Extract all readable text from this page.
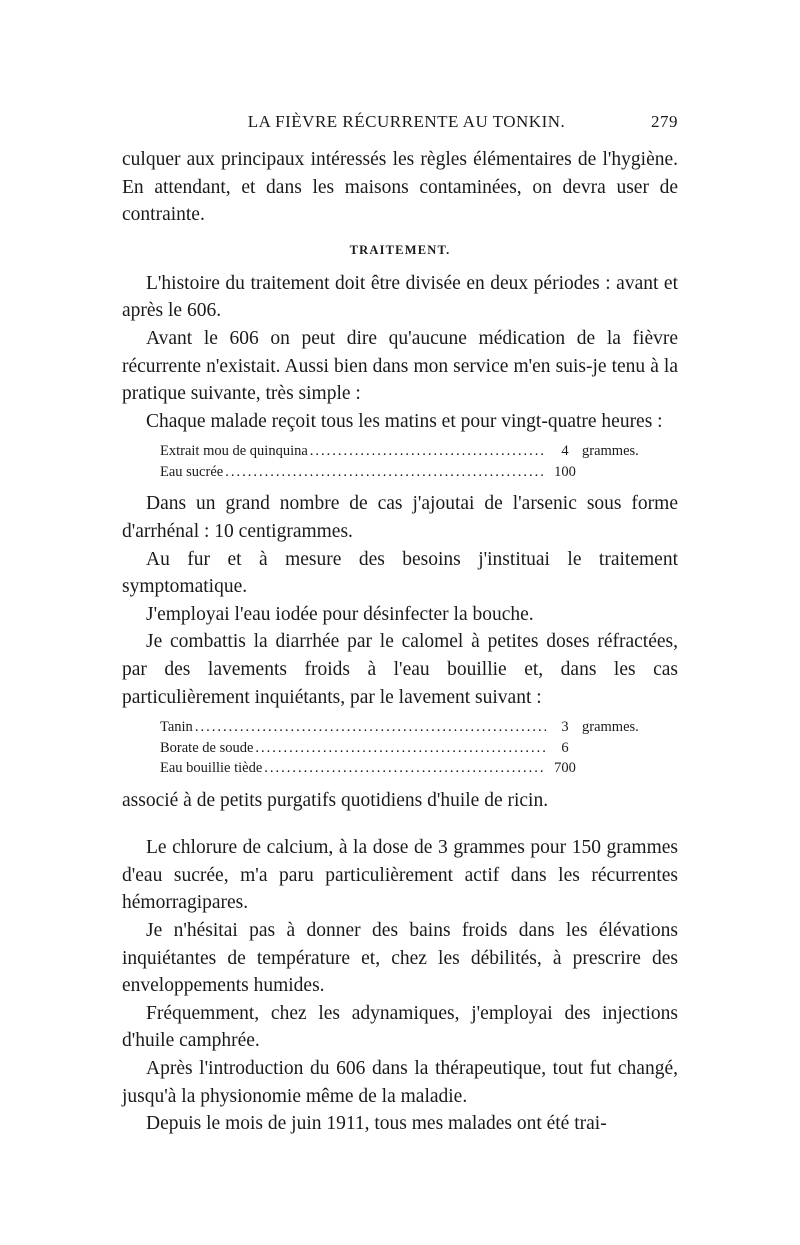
LA FIÈVRE RÉCURRENTE AU TONKIN.	279

culquer aux principaux intéressés les règles élémentaires de l'hygiène. En attendant, et dans les maisons contaminées, on devra user de contrainte.

TRAITEMENT.

L'histoire du traitement doit être divisée en deux périodes : avant et après le 606.

Avant le 606 on peut dire qu'aucune médication de la fièvre récurrente n'existait. Aussi bien dans mon service m'en suis-je tenu à la pratique suivante, très simple :

Chaque malade reçoit tous les matins et pour vingt-quatre heures :

Extrait mou de quinquina .....	4 grammes.
Eau sucrée .....	100

Dans un grand nombre de cas j'ajoutai de l'arsenic sous forme d'arrhénal : 10 centigrammes.

Au fur et à mesure des besoins j'instituai le traitement symptomatique.

J'employai l'eau iodée pour désinfecter la bouche.

Je combattis la diarrhée par le calomel à petites doses réfractées, par des lavements froids à l'eau bouillie et, dans les cas particulièrement inquiétants, par le lavement suivant :

Tanin .....	3 grammes.
Borate de soude .....	6
Eau bouillie tiède .....	700

associé à de petits purgatifs quotidiens d'huile de ricin.

Le chlorure de calcium, à la dose de 3 grammes pour 150 grammes d'eau sucrée, m'a paru particulièrement actif dans les récurrentes hémorragipares.

Je n'hésitai pas à donner des bains froids dans les élévations inquiétantes de température et, chez les débilités, à prescrire des enveloppements humides.

Fréquemment, chez les adynamiques, j'employai des injections d'huile camphrée.

Après l'introduction du 606 dans la thérapeutique, tout fut changé, jusqu'à la physionomie même de la maladie.

Depuis le mois de juin 1911, tous mes malades ont été trai-
